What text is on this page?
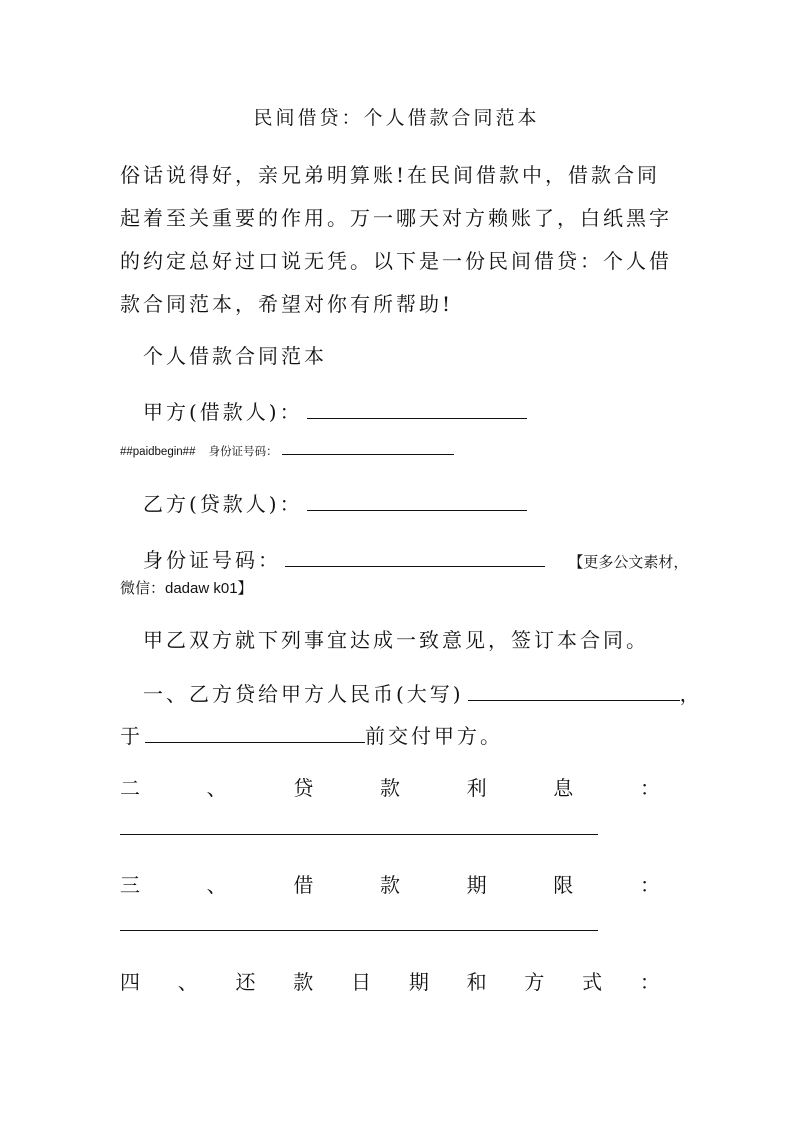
民间借贷：个人借款合同范本
俗话说得好，亲兄弟明算账!在民间借款中，借款合同起着至关重要的作用。万一哪天对方赖账了，白纸黑字的约定总好过口说无凭。以下是一份民间借贷：个人借款合同范本，希望对你有所帮助!
个人借款合同范本
甲方(借款人)：
##paidbegin## 身份证号码：
乙方(贷款人)：
身份证号码：	【更多公文素材，
微信：dadaw k01】
甲乙双方就下列事宜达成一致意见，签订本合同。
一、乙方贷给甲方人民币(大写)	，
于	前交付甲方。
二	、	贷	款	利	息	：
三	、	借	款	期	限	：
四 、 还 款 日 期 和 方 式 ：
